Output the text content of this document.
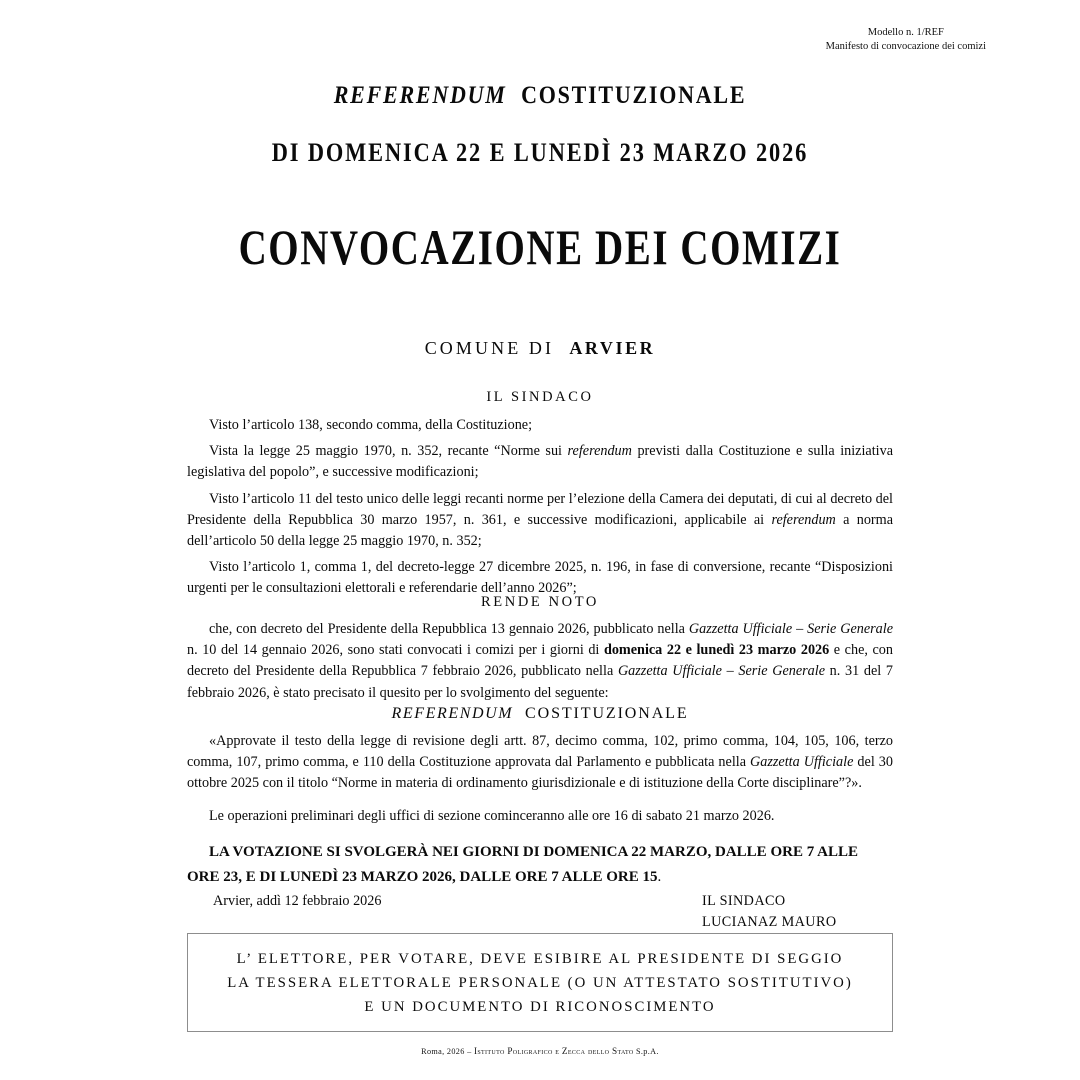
Modello n. 1/REF
Manifesto di convocazione dei comizi
REFERENDUM COSTITUZIONALE
DI DOMENICA 22 E LUNEDÌ 23 MARZO 2026
CONVOCAZIONE DEI COMIZI
COMUNE DI ARVIER
IL SINDACO

Visto l’articolo 138, secondo comma, della Costituzione;

Vista la legge 25 maggio 1970, n. 352, recante “Norme sui referendum previsti dalla Costituzione e sulla iniziativa legislativa del popolo”, e successive modificazioni;

Visto l’articolo 11 del testo unico delle leggi recanti norme per l’elezione della Camera dei deputati, di cui al decreto del Presidente della Repubblica 30 marzo 1957, n. 361, e successive modificazioni, applicabile ai referendum a norma dell’articolo 50 della legge 25 maggio 1970, n. 352;

Visto l’articolo 1, comma 1, del decreto-legge 27 dicembre 2025, n. 196, in fase di conversione, recante “Disposizioni urgenti per le consultazioni elettorali e referendarie dell’anno 2026”;

RENDE NOTO

che, con decreto del Presidente della Repubblica 13 gennaio 2026, pubblicato nella Gazzetta Ufficiale – Serie Generale n. 10 del 14 gennaio 2026, sono stati convocati i comizi per i giorni di domenica 22 e lunedì 23 marzo 2026 e che, con decreto del Presidente della Repubblica 7 febbraio 2026, pubblicato nella Gazzetta Ufficiale – Serie Generale n. 31 del 7 febbraio 2026, è stato precisato il quesito per lo svolgimento del seguente:

REFERENDUM COSTITUZIONALE

«Approvate il testo della legge di revisione degli artt. 87, decimo comma, 102, primo comma, 104, 105, 106, terzo comma, 107, primo comma, e 110 della Costituzione approvata dal Parlamento e pubblicata nella Gazzetta Ufficiale del 30 ottobre 2025 con il titolo “Norme in materia di ordinamento giurisdizionale e di istituzione della Corte disciplinare”?».

Le operazioni preliminari degli uffici di sezione cominceranno alle ore 16 di sabato 21 marzo 2026.

LA VOTAZIONE SI SVOLGERÀ NEI GIORNI DI DOMENICA 22 MARZO, DALLE ORE 7 ALLE ORE 23, E DI LUNEDÌ 23 MARZO 2026, DALLE ORE 7 ALLE ORE 15.
Arvier, addì 12 febbraio 2026	IL SINDACO
LUCIANAZ MAURO
L’ ELETTORE, PER VOTARE, DEVE ESIBIRE AL PRESIDENTE DI SEGGIO
LA TESSERA ELETTORALE PERSONALE (O UN ATTESTATO SOSTITUTIVO)
E UN DOCUMENTO DI RICONOSCIMENTO
Roma, 2026 – Istituto Poligrafico e Zecca dello Stato S.p.A.
